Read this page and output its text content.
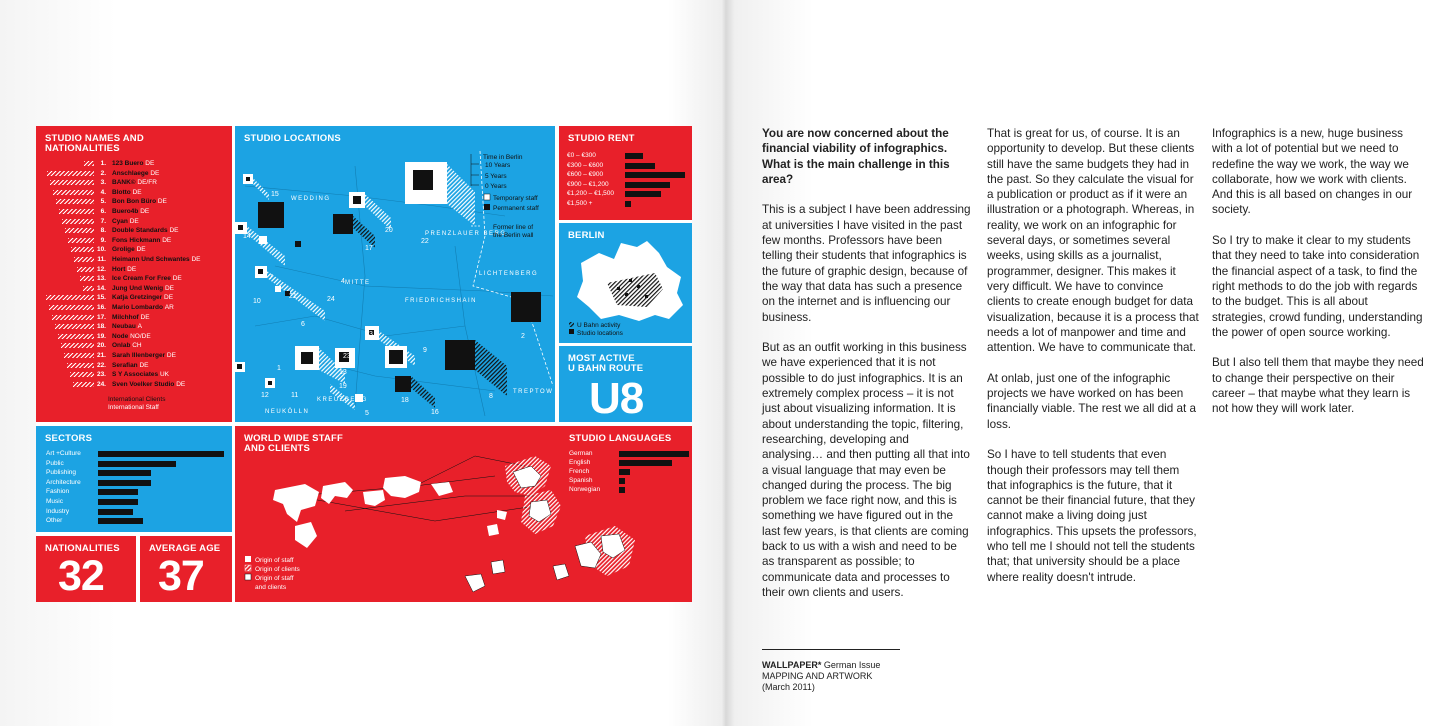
STUDIO NAMES AND NATIONALITIES
1. 123 Buero DE
2. Anschlaege DE
3. BANK© DE/FR
4. Blotto DE
5. Bon Bon Büro DE
6. Buero4b DE
7. Cyan DE
8. Double Standards DE
9. Fons Hickmann DE
10. Grolige DE
11. Heimann Und Schwantes DE
12. Hort DE
13. Ice Cream For Free DE
14. Jung Und Wenig DE
15. Katja Gretzinger DE
16. Mario Lombardo AR
17. Milchhof DE
18. Neubau A
19. Node NO/DE
20. Onlab CH
21. Sarah Illenberger DE
22. Serafian DE
23. S Y Associates UK
24. Sven Voelker Studio DE
International Clients
International Staff
STUDIO LOCATIONS
WEDDING
PRENZLAUER BERG
MITTE
LICHTENBERG
FRIEDRICHSHAIN
KREUZBERG
NEUKÖLLN
TREPTOW
15
14
7
10
21	24
6
4
17
20
22
2
3
23
13
9
19
1
12	11
5
18
16
8
Time in Berlin
10 Years
5 Years
0 Years
Temporary staff
Permanent staff
Former line of
the Berlin wall
STUDIO RENT
€0 – €300
€300 – €600
€600 – €900
€900 – €1,200
€1,200 – €1,500
€1,500 +
BERLIN
U Bahn activity
Studio locations
MOST ACTIVE
U BAHN ROUTE
U8
SECTORS
Art +Culture
Public
Publishing
Architecture
Fashion
Music
Industry
Other
NATIONALITIES
32
AVERAGE AGE
37
WORLD WIDE STAFF AND CLIENTS
STUDIO LANGUAGES
German
English
French
Spanish
Norwegian
Origin of staff
Origin of clients
Origin of staff
and clients

You are now concerned about the financial viability of infographics. What is the main challenge in this area?

This is a subject I have been addressing at universities I have visited in the past few months. Professors have been telling their students that infographics is the future of graphic design, because of the way that data has such a presence on the internet and is influencing our business.

But as an outfit working in this business we have experienced that it is not possible to do just infographics. It is an extremely complex process – it is not just about visualizing information. It is about understanding the topic, filtering, researching, developing and analysing… and then putting all that into a visual language that may even be changed during the process. The big problem we face right now, and this is something we have figured out in the last few years, is that clients are coming back to us with a wish and need to be as transparent as possible; to communicate data and processes to their own clients and users.

That is great for us, of course. It is an opportunity to develop. But these clients still have the same budgets they had in the past. So they calculate the visual for a publication or product as if it were an illustration or a photograph. Whereas, in reality, we work on an infographic for several days, or sometimes several weeks, using skills as a journalist, programmer, designer. This makes it very difficult. We have to convince clients to create enough budget for data visualization, because it is a process that needs a lot of manpower and time and attention. We have to communicate that.

At onlab, just one of the infographic projects we have worked on has been financially viable. The rest we all did at a loss.

So I have to tell students that even though their professors may tell them that infographics is the future, that it cannot be their financial future, that they cannot make a living doing just infographics. This upsets the professors, who tell me I should not tell the students that; that university should be a place where reality doesn't intrude.

Infographics is a new, huge business with a lot of potential but we need to redefine the way we work, the way we collaborate, how we work with clients. And this is all based on changes in our society.

So I try to make it clear to my students that they need to take into consideration the financial aspect of a task, to find the right methods to do the job with regards to the budget. This is all about strategies, crowd funding, understanding the power of open source working.

But I also tell them that maybe they need to change their perspective on their career – that maybe what they learn is not how they will work later.

WALLPAPER* German Issue
MAPPING AND ARTWORK
(March 2011)
